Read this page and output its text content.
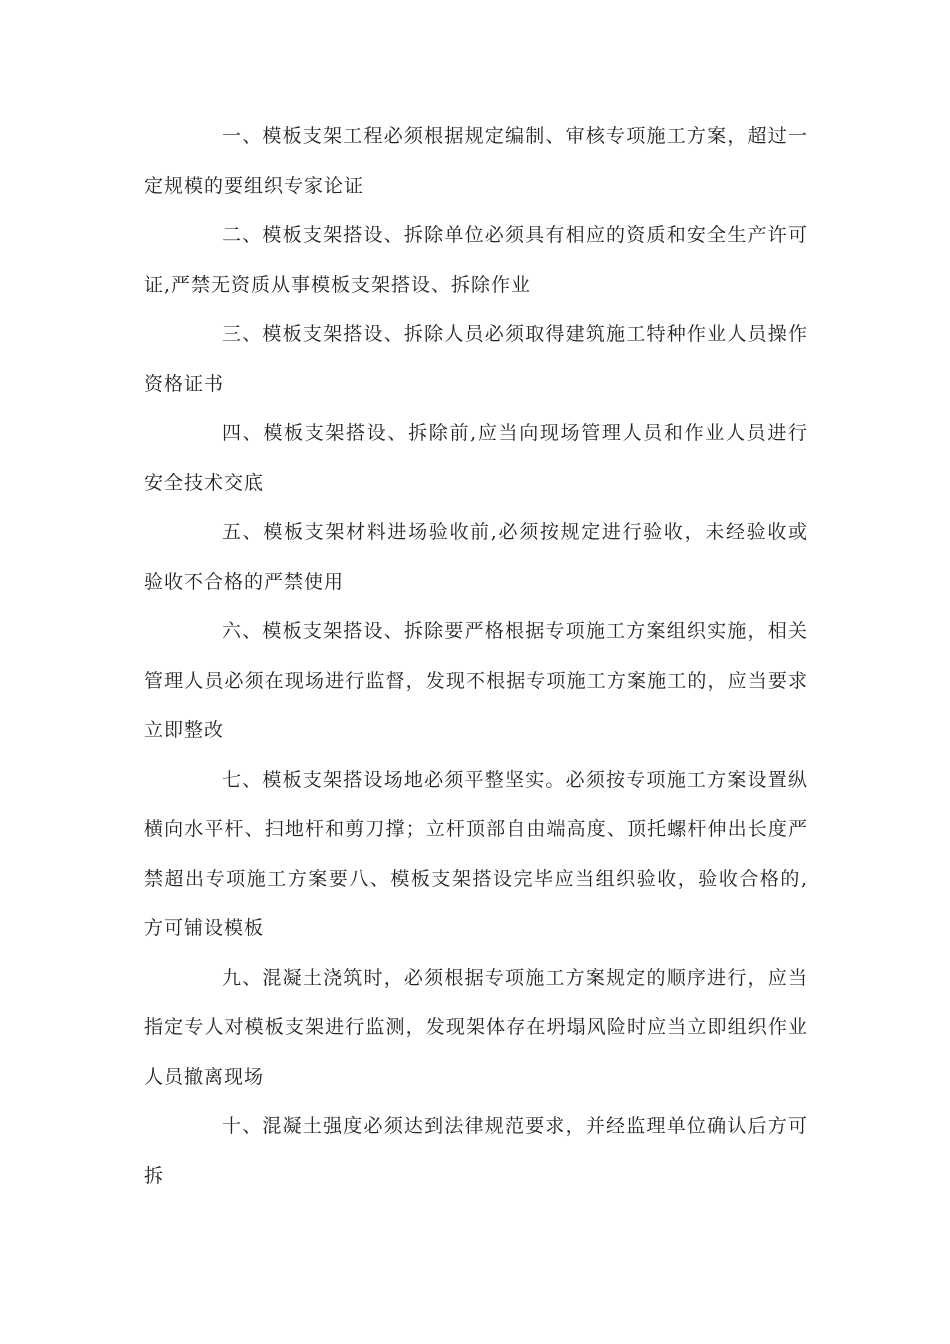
一、模板支架工程必须根据规定编制、审核专项施工方案，超过一定规模的要组织专家论证

二、模板支架搭设、拆除单位必须具有相应的资质和安全生产许可证,严禁无资质从事模板支架搭设、拆除作业

三、模板支架搭设、拆除人员必须取得建筑施工特种作业人员操作资格证书

四、模板支架搭设、拆除前,应当向现场管理人员和作业人员进行安全技术交底

五、模板支架材料进场验收前,必须按规定进行验收，未经验收或验收不合格的严禁使用

六、模板支架搭设、拆除要严格根据专项施工方案组织实施，相关管理人员必须在现场进行监督，发现不根据专项施工方案施工的，应当要求立即整改

七、模板支架搭设场地必须平整坚实。必须按专项施工方案设置纵横向水平杆、扫地杆和剪刀撑；立杆顶部自由端高度、顶托螺杆伸出长度严禁超出专项施工方案要八、模板支架搭设完毕应当组织验收，验收合格的,方可铺设模板

九、混凝土浇筑时，必须根据专项施工方案规定的顺序进行，应当指定专人对模板支架进行监测，发现架体存在坍塌风险时应当立即组织作业人员撤离现场

十、混凝土强度必须达到法律规范要求，并经监理单位确认后方可拆
